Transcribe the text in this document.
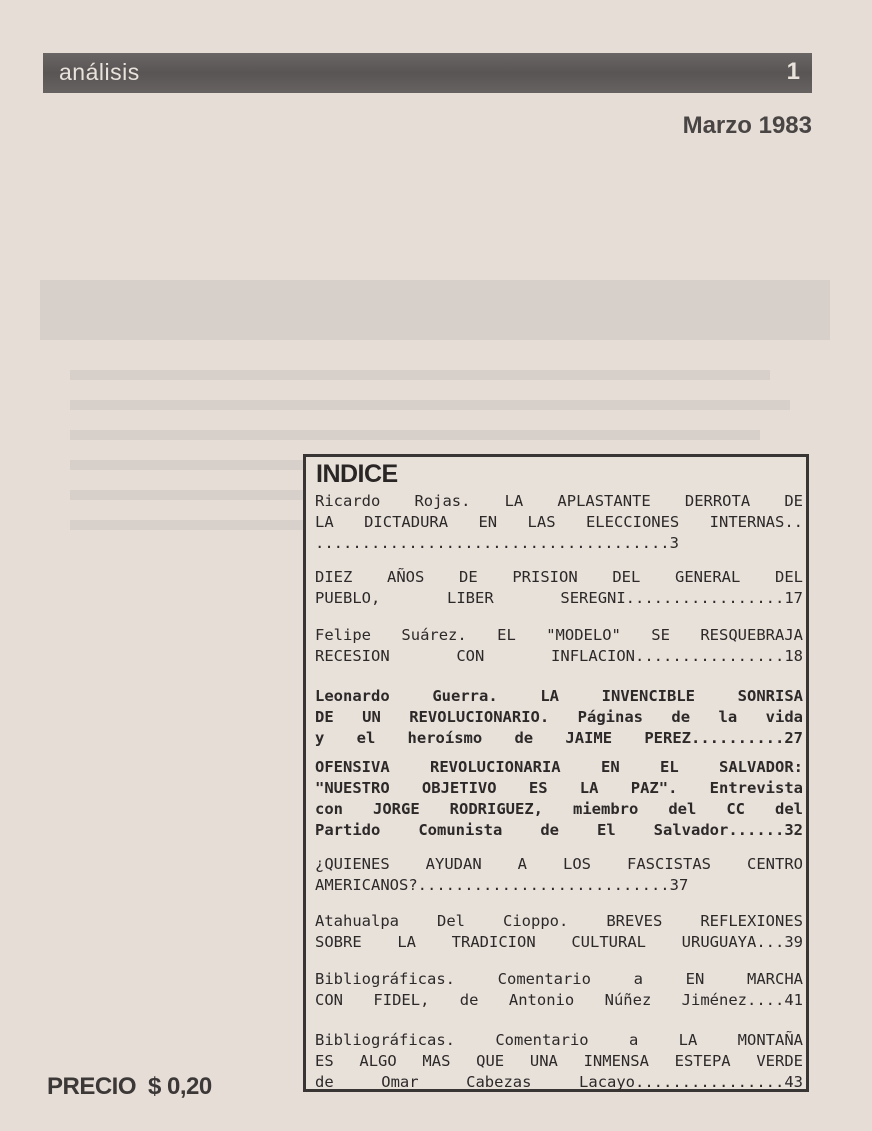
análisis	1
Marzo 1983
INDICE
Ricardo Rojas. LA APLASTANTE DERROTA DE
LA DICTADURA EN LAS ELECCIONES INTERNAS..
......................................3
DIEZ AÑOS DE PRISION DEL GENERAL DEL
PUEBLO, LIBER SEREGNI.................17
Felipe Suárez. EL "MODELO" SE RESQUEBRAJA
RECESION CON INFLACION................18
Leonardo Guerra. LA INVENCIBLE SONRISA
DE UN REVOLUCIONARIO. Páginas de la vida
y el heroísmo de JAIME PEREZ..........27
OFENSIVA REVOLUCIONARIA EN EL SALVADOR:
"NUESTRO OBJETIVO ES LA PAZ". Entrevista
con JORGE RODRIGUEZ, miembro del CC del
Partido Comunista de El Salvador......32
¿QUIENES AYUDAN A LOS FASCISTAS CENTRO
AMERICANOS?...........................37
Atahualpa Del Cioppo. BREVES REFLEXIONES
SOBRE LA TRADICION CULTURAL URUGUAYA...39
Bibliográficas. Comentario a EN MARCHA
CON FIDEL, de Antonio Núñez Jiménez....41
Bibliográficas. Comentario a LA MONTAÑA
ES ALGO MAS QUE UNA INMENSA ESTEPA VERDE
de Omar Cabezas Lacayo................43
PRECIO $ 0,20
